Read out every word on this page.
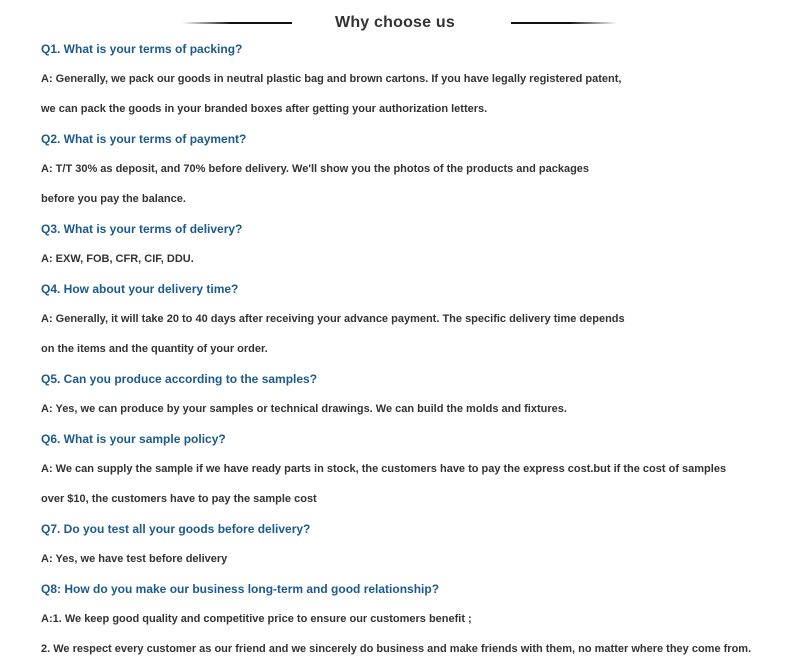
Why choose us
Q1. What is your terms of packing?
A: Generally, we pack our goods in neutral plastic bag and brown cartons. If you have legally registered patent,
we can pack the goods in your branded boxes after getting your authorization letters.
Q2. What is your terms of payment?
A: T/T 30% as deposit, and 70% before delivery. We'll show you the photos of the products and packages
before you pay the balance.
Q3. What is your terms of delivery?
A: EXW, FOB, CFR, CIF, DDU.
Q4. How about your delivery time?
A: Generally, it will take 20 to 40 days after receiving your advance payment. The specific delivery time depends
on the items and the quantity of your order.
Q5. Can you produce according to the samples?
A: Yes, we can produce by your samples or technical drawings. We can build the molds and fixtures.
Q6. What is your sample policy?
A: We can supply the sample if we have ready parts in stock, the customers have to pay the express cost.but if the cost of samples
over $10, the customers have to pay the sample cost
Q7. Do you test all your goods before delivery?
A: Yes, we have test before delivery
Q8: How do you make our business long-term and good relationship?
A:1. We keep good quality and competitive price to ensure our customers benefit ;
2. We respect every customer as our friend and we sincerely do business and make friends with them, no matter where they come from.
